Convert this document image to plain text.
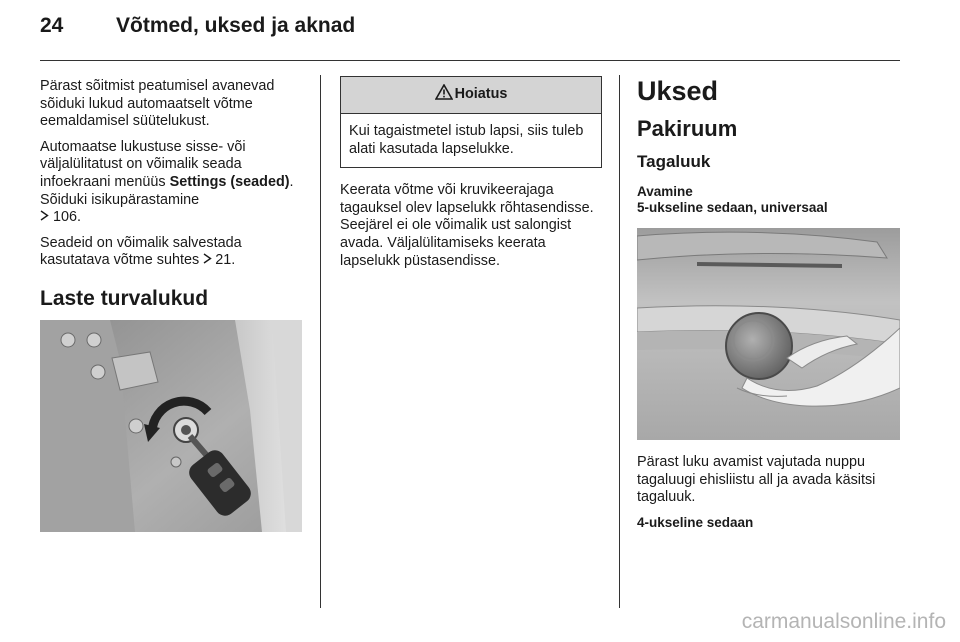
24	Võtmed, uksed ja aknad

Pärast sõitmist peatumisel avanevad sõiduki lukud automaatselt võtme eemaldamisel süütelukust.

Automaatse lukustuse sisse- või väljalülitatust on võimalik seada infoekraani menüüs Settings (seaded). Sõiduki isikupärastamine
106.

Seadeid on võimalik salvestada kasutatava võtme suhtes 21.

Laste turvalukud
Hoiatus
Kui tagaistmetel istub lapsi, siis tuleb alati kasutada lapselukke.

Keerata võtme või kruvikeerajaga tagauksel olev lapselukk rõhtasendisse. Seejärel ei ole võimalik ust salongist avada. Väljalülitamiseks keerata lapselukk püstasendisse.

Uksed
Pakiruum
Tagaluuk
Avamine
5-ukseline sedaan, universaal

Pärast luku avamist vajutada nuppu tagaluugi ehisliistu all ja avada käsitsi tagaluuk.

4-ukseline sedaan
carmanualsonline.info
